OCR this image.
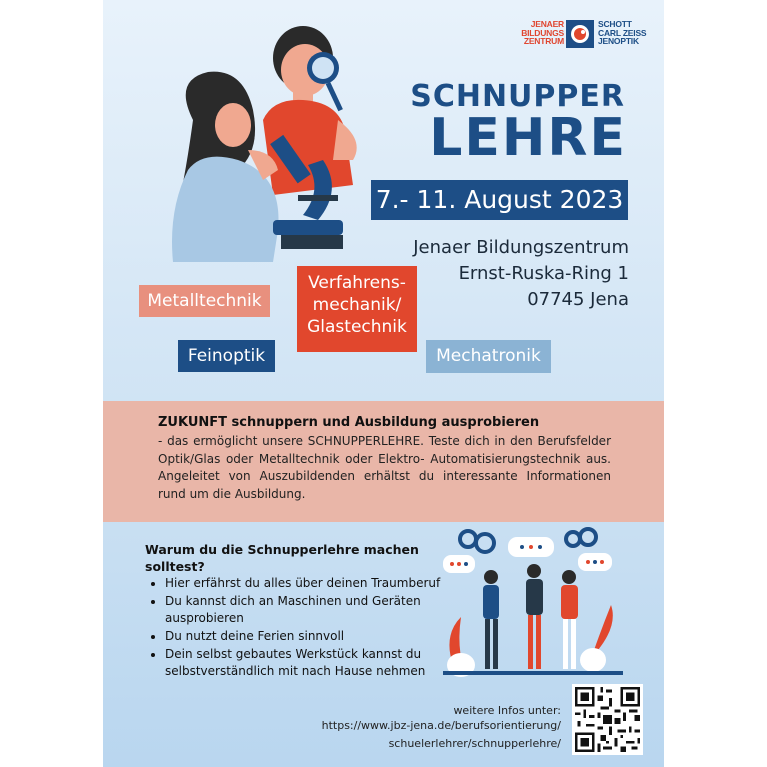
JENAER
BILDUNGS
ZENTRUM
SCHOTT
CARL ZEISS
JENOPTIK
SCHNUPPER
LEHRE
7.- 11. August 2023
Jenaer Bildungszentrum
Ernst-Ruska-Ring 1
07745 Jena
Metalltechnik
Verfahrens-
mechanik/
Glastechnik
Feinoptik	Mechatronik
ZUKUNFT schnuppern und Ausbildung ausprobieren
- das ermöglicht unsere SCHNUPPERLEHRE. Teste dich in den Berufsfelder Optik/Glas oder Metalltechnik oder Elektro- Automatisierungstechnik aus. Angeleitet von Auszubildenden erhältst du interessante Informationen rund um die Ausbildung.
Warum du die Schnupperlehre machen solltest?
• Hier erfährst du alles über deinen Traumberuf
• Du kannst dich an Maschinen und Geräten ausprobieren
• Du nutzt deine Ferien sinnvoll
• Dein selbst gebautes Werkstück kannst du selbstverständlich mit nach Hause nehmen
weitere Infos unter:
https://www.jbz-jena.de/berufsorientierung/
schuelerlehrer/schnupperlehre/
